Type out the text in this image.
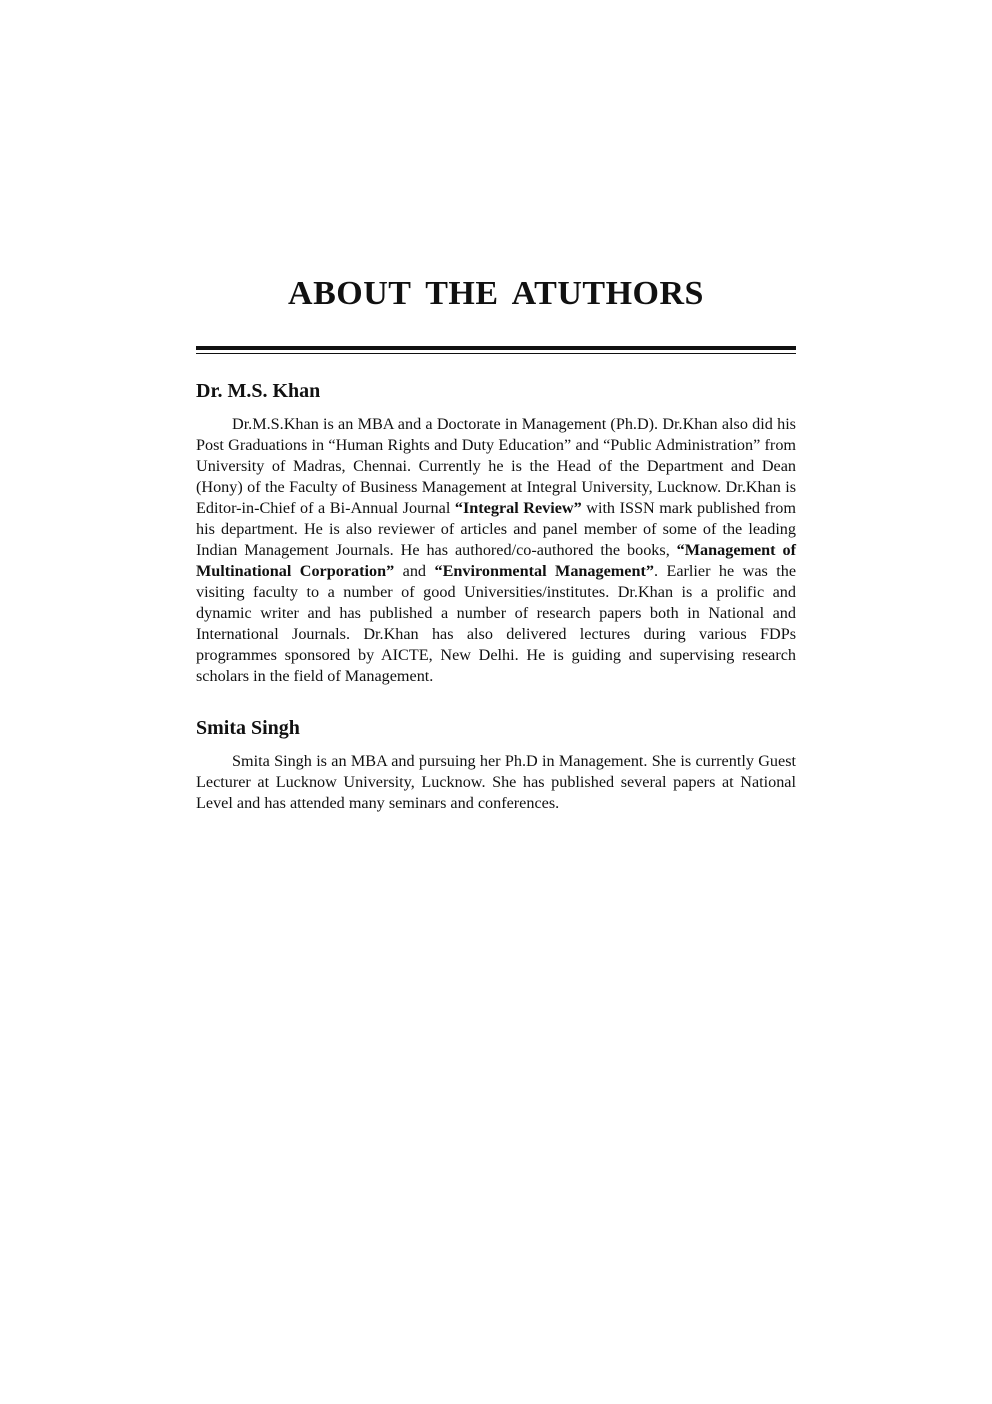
ABOUT THE ATUTHORS
Dr. M.S. Khan

Dr.M.S.Khan is an MBA and a Doctorate in Management (Ph.D). Dr.Khan also did his Post Graduations in “Human Rights and Duty Education” and “Public Administration” from University of Madras, Chennai. Currently he is the Head of the Department and Dean (Hony) of the Faculty of Business Management at Integral University, Lucknow. Dr.Khan is Editor-in-Chief of a Bi-Annual Journal “Integral Review” with ISSN mark published from his department. He is also reviewer of articles and panel member of some of the leading Indian Management Journals. He has authored/co-authored the books, “Management of Multinational Corporation” and “Environmental Management”. Earlier he was the visiting faculty to a number of good Universities/institutes. Dr.Khan is a prolific and dynamic writer and has published a number of research papers both in National and International Journals. Dr.Khan has also delivered lectures during various FDPs programmes sponsored by AICTE, New Delhi. He is guiding and supervising research scholars in the field of Management.

Smita Singh

Smita Singh is an MBA and pursuing her Ph.D in Management. She is currently Guest Lecturer at Lucknow University, Lucknow. She has published several papers at National Level and has attended many seminars and conferences.
